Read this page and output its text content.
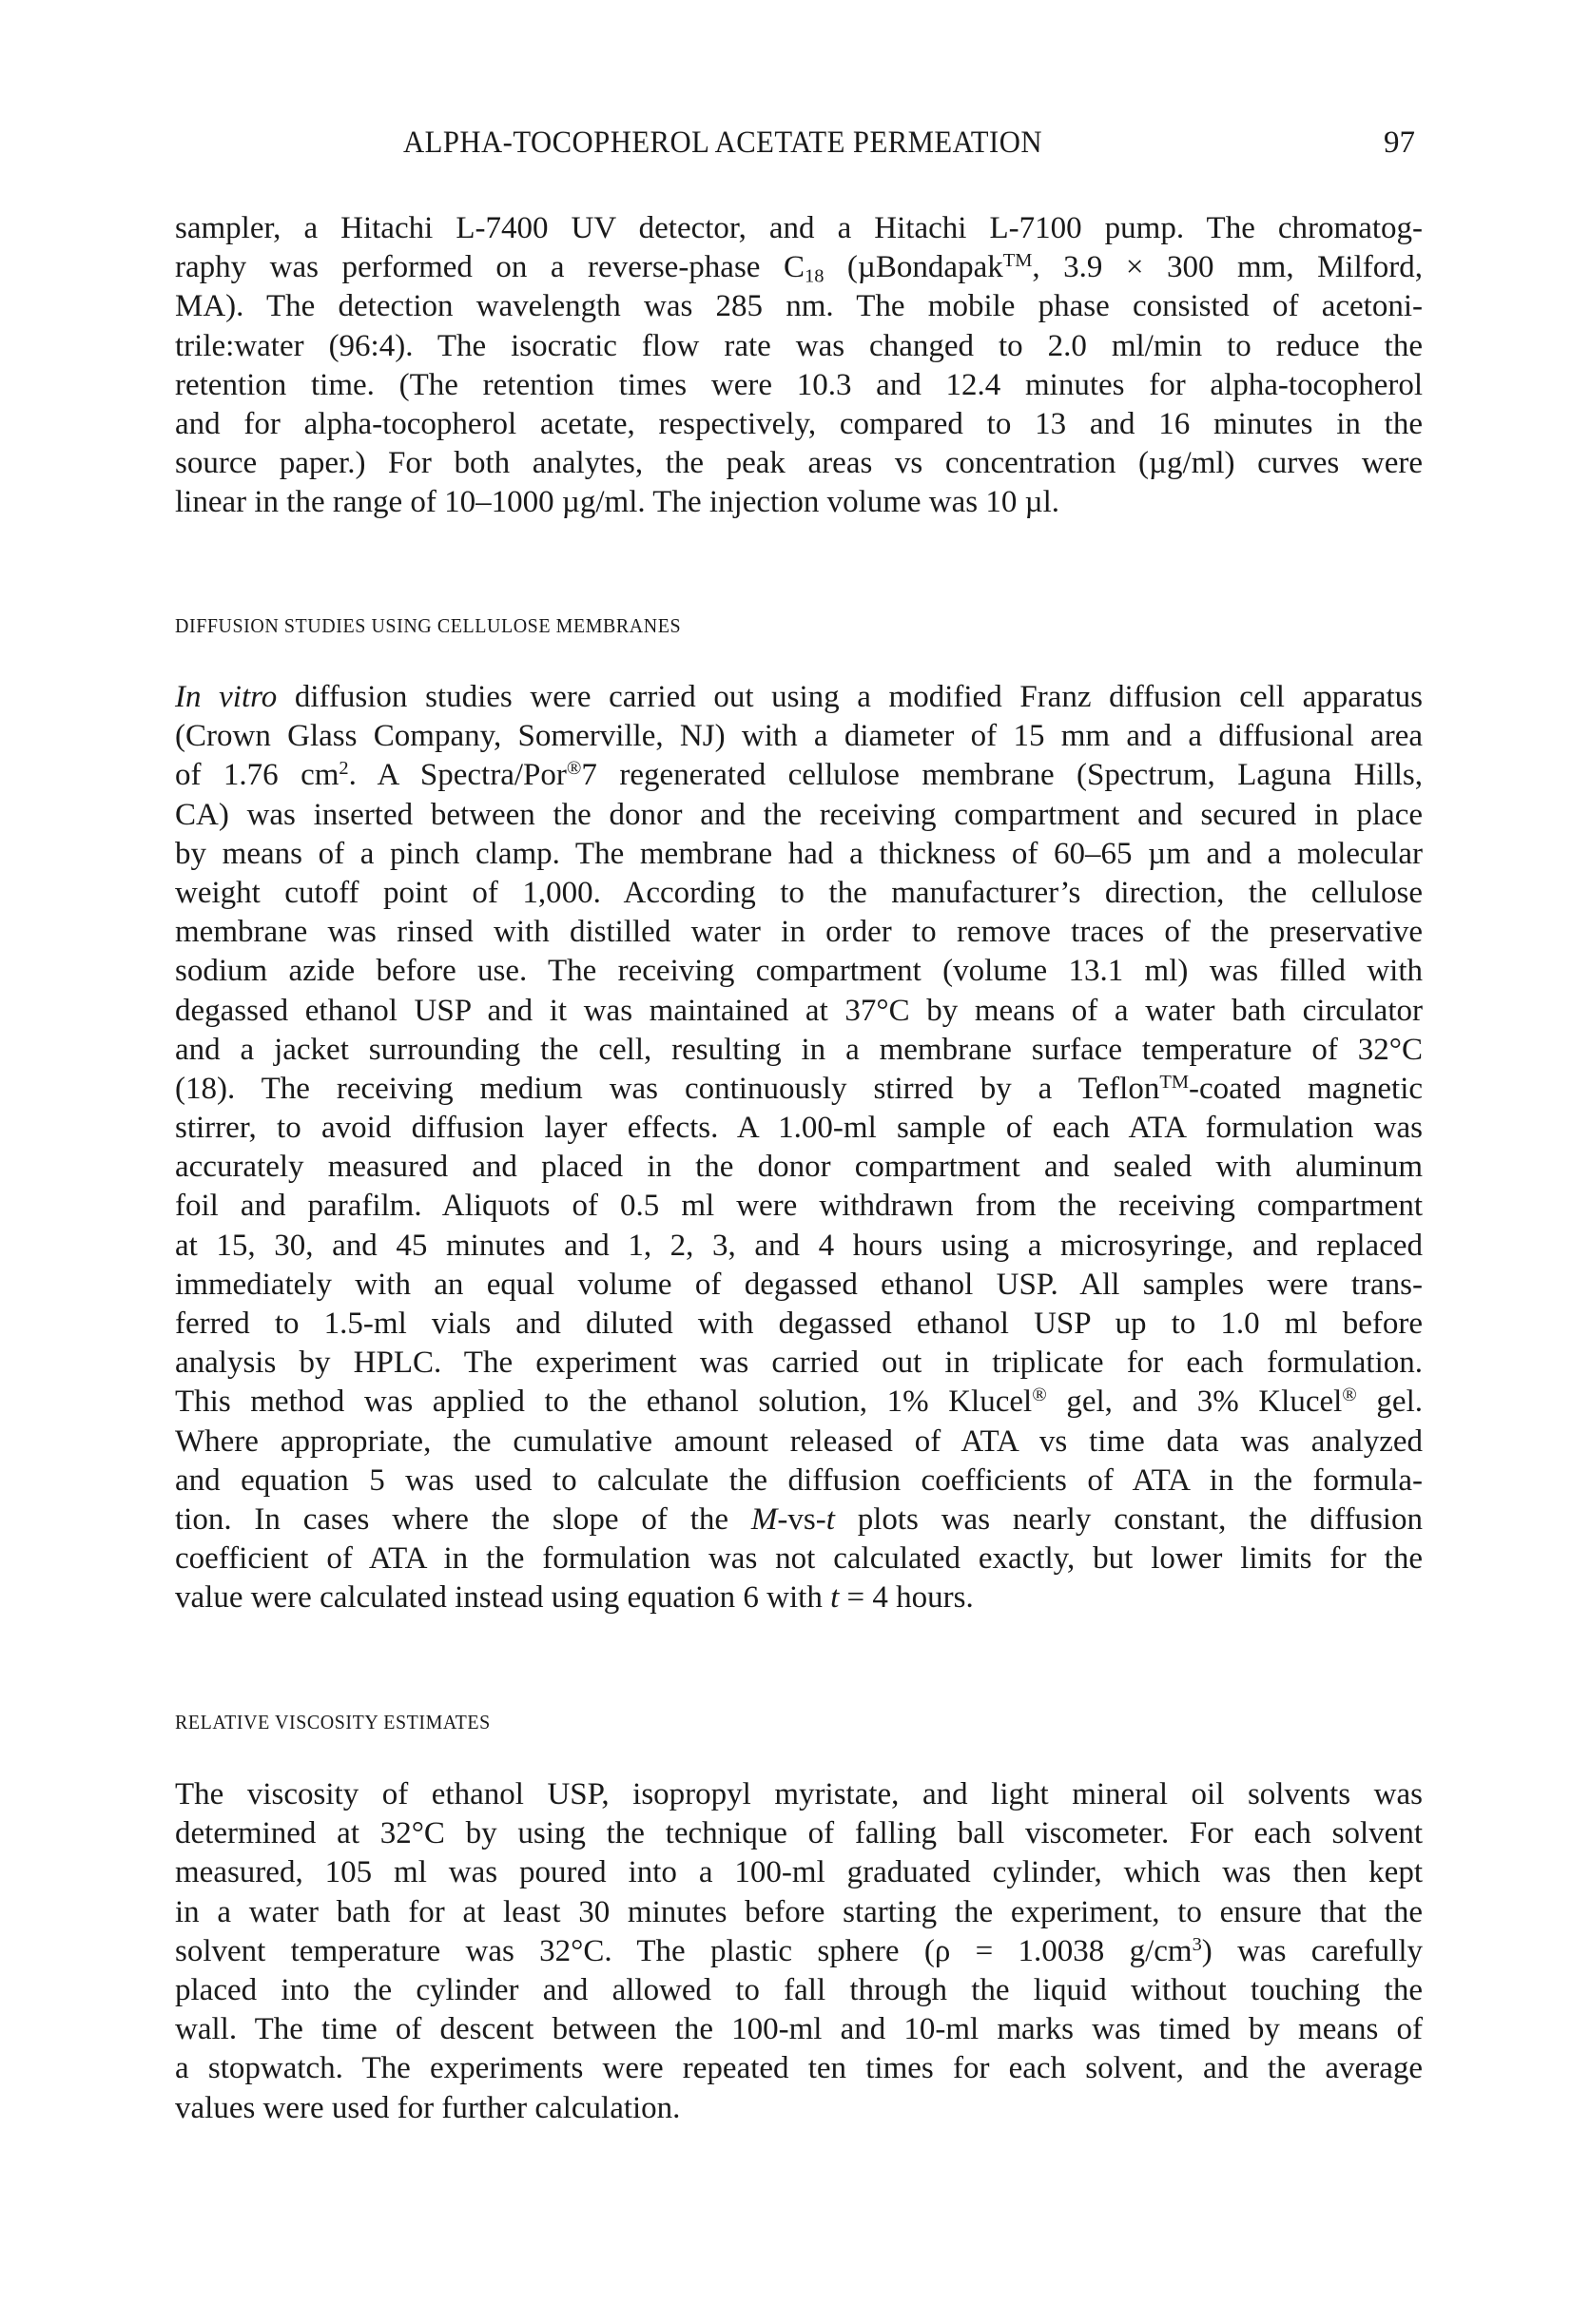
ALPHA-TOCOPHEROL ACETATE PERMEATION	97
sampler, a Hitachi L-7400 UV detector, and a Hitachi L-7100 pump. The chromatog-
raphy was performed on a reverse-phase $C_{18}$ (µBondapak™, 3.9 × 300 mm, Milford,
MA). The detection wavelength was 285 nm. The mobile phase consisted of acetoni-
trile:water (96:4). The isocratic flow rate was changed to 2.0 ml/min to reduce the
retention time. (The retention times were 10.3 and 12.4 minutes for alpha-tocopherol
and for alpha-tocopherol acetate, respectively, compared to 13 and 16 minutes in the
source paper.) For both analytes, the peak areas vs concentration (µg/ml) curves were
linear in the range of 10–1000 µg/ml. The injection volume was 10 µl.
DIFFUSION STUDIES USING CELLULOSE MEMBRANES
In vitro diffusion studies were carried out using a modified Franz diffusion cell apparatus
(Crown Glass Company, Somerville, NJ) with a diameter of 15 mm and a diffusional area
of 1.76 $cm^2$. A Spectra/Por®7 regenerated cellulose membrane (Spectrum, Laguna Hills,
CA) was inserted between the donor and the receiving compartment and secured in place
by means of a pinch clamp. The membrane had a thickness of 60–65 µm and a molecular
weight cutoff point of 1,000. According to the manufacturer’s direction, the cellulose
membrane was rinsed with distilled water in order to remove traces of the preservative
sodium azide before use. The receiving compartment (volume 13.1 ml) was filled with
degassed ethanol USP and it was maintained at 37°C by means of a water bath circulator
and a jacket surrounding the cell, resulting in a membrane surface temperature of 32°C
(18). The receiving medium was continuously stirred by a Teflon™-coated magnetic
stirrer, to avoid diffusion layer effects. A 1.00-ml sample of each ATA formulation was
accurately measured and placed in the donor compartment and sealed with aluminum
foil and parafilm. Aliquots of 0.5 ml were withdrawn from the receiving compartment
at 15, 30, and 45 minutes and 1, 2, 3, and 4 hours using a microsyringe, and replaced
immediately with an equal volume of degassed ethanol USP. All samples were trans-
ferred to 1.5-ml vials and diluted with degassed ethanol USP up to 1.0 ml before
analysis by HPLC. The experiment was carried out in triplicate for each formulation.
This method was applied to the ethanol solution, 1% Klucel® gel, and 3% Klucel® gel.
Where appropriate, the cumulative amount released of ATA vs time data was analyzed
and equation 5 was used to calculate the diffusion coefficients of ATA in the formula-
tion. In cases where the slope of the M-vs-t plots was nearly constant, the diffusion
coefficient of ATA in the formulation was not calculated exactly, but lower limits for the
value were calculated instead using equation 6 with t = 4 hours.
RELATIVE VISCOSITY ESTIMATES
The viscosity of ethanol USP, isopropyl myristate, and light mineral oil solvents was
determined at 32°C by using the technique of falling ball viscometer. For each solvent
measured, 105 ml was poured into a 100-ml graduated cylinder, which was then kept
in a water bath for at least 30 minutes before starting the experiment, to ensure that the
solvent temperature was 32°C. The plastic sphere (ρ = 1.0038 $g/cm^3$) was carefully
placed into the cylinder and allowed to fall through the liquid without touching the
wall. The time of descent between the 100-ml and 10-ml marks was timed by means of
a stopwatch. The experiments were repeated ten times for each solvent, and the average
values were used for further calculation.
